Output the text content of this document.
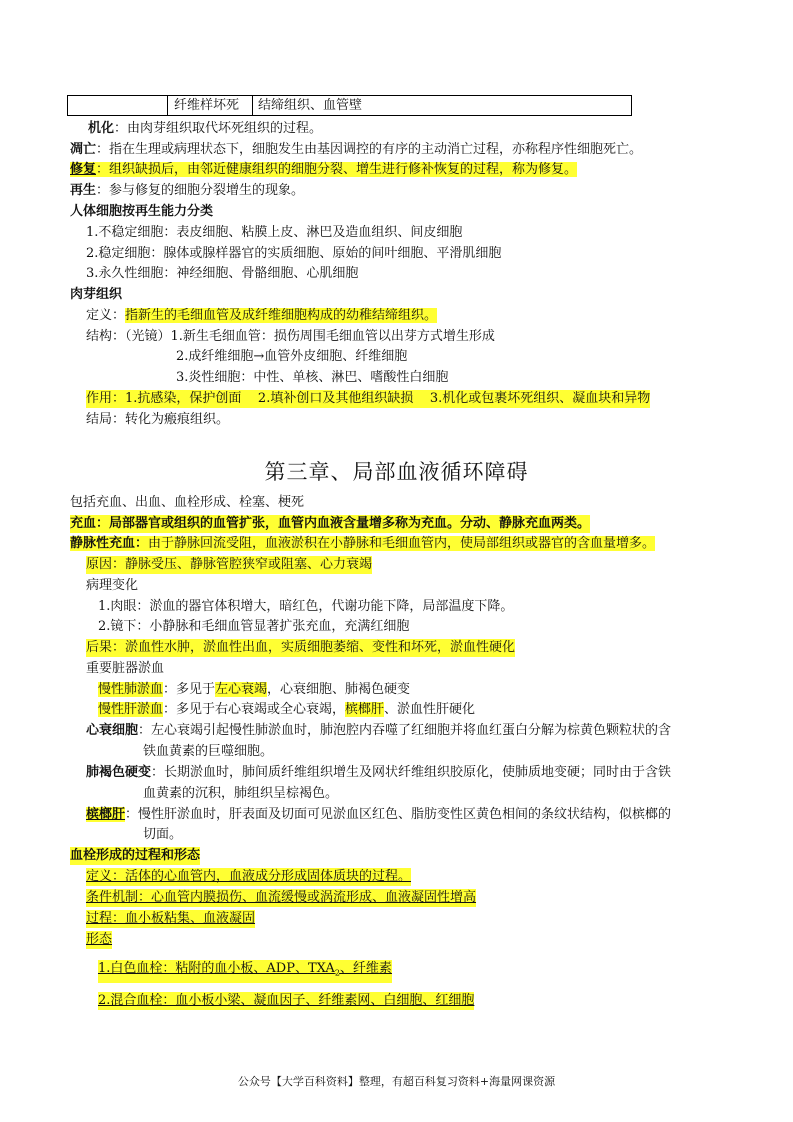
纤维样坏死	结缔组织、血管壁
机化：由肉芽组织取代坏死组织的过程。
凋亡：指在生理或病理状态下，细胞发生由基因调控的有序的主动消亡过程，亦称程序性细胞死亡。
修复：组织缺损后，由邻近健康组织的细胞分裂、增生进行修补恢复的过程，称为修复。
再生：参与修复的细胞分裂增生的现象。
人体细胞按再生能力分类
1.不稳定细胞：表皮细胞、粘膜上皮、淋巴及造血组织、间皮细胞
2.稳定细胞：腺体或腺样器官的实质细胞、原始的间叶细胞、平滑肌细胞
3.永久性细胞：神经细胞、骨骼细胞、心肌细胞
肉芽组织
定义：指新生的毛细血管及成纤维细胞构成的幼稚结缔组织。
结构：（光镜）1.新生毛细血管：损伤周围毛细血管以出芽方式增生形成
2.成纤维细胞→血管外皮细胞、纤维细胞
3.炎性细胞：中性、单核、淋巴、嗜酸性白细胞
作用：1.抗感染，保护创面    2.填补创口及其他组织缺损    3.机化或包裹坏死组织、凝血块和异物
结局：转化为瘢痕组织。
第三章、局部血液循环障碍
包括充血、出血、血栓形成、栓塞、梗死
充血：局部器官或组织的血管扩张，血管内血液含量增多称为充血。分动、静脉充血两类。
静脉性充血：由于静脉回流受阻，血液淤积在小静脉和毛细血管内，使局部组织或器官的含血量增多。
原因：静脉受压、静脉管腔狭窄或阻塞、心力衰竭
病理变化
1.肉眼：淤血的器官体积增大，暗红色，代谢功能下降，局部温度下降。
2.镜下：小静脉和毛细血管显著扩张充血，充满红细胞
后果：淤血性水肿，淤血性出血，实质细胞萎缩、变性和坏死，淤血性硬化
重要脏器淤血
慢性肺淤血：多见于左心衰竭，心衰细胞、肺褐色硬变
慢性肝淤血：多见于右心衰竭或全心衰竭，槟榔肝、淤血性肝硬化
心衰细胞：左心衰竭引起慢性肺淤血时，肺泡腔内吞噬了红细胞并将血红蛋白分解为棕黄色颗粒状的含
铁血黄素的巨噬细胞。
肺褐色硬变：长期淤血时，肺间质纤维组织增生及网状纤维组织胶原化，使肺质地变硬；同时由于含铁
血黄素的沉积，肺组织呈棕褐色。
槟榔肝：慢性肝淤血时，肝表面及切面可见淤血区红色、脂肪变性区黄色相间的条纹状结构，似槟榔的
切面。
血栓形成的过程和形态
定义：活体的心血管内，血液成分形成固体质块的过程。
条件机制：心血管内膜损伤、血流缓慢或涡流形成、血液凝固性增高
过程：血小板粘集、血液凝固
形态
1.白色血栓：粘附的血小板、ADP、$TXA_2$、纤维素
2.混合血栓：血小板小梁、凝血因子、纤维素网、白细胞、红细胞
公众号【大学百科资料】整理，有超百科复习资料+海量网课资源
